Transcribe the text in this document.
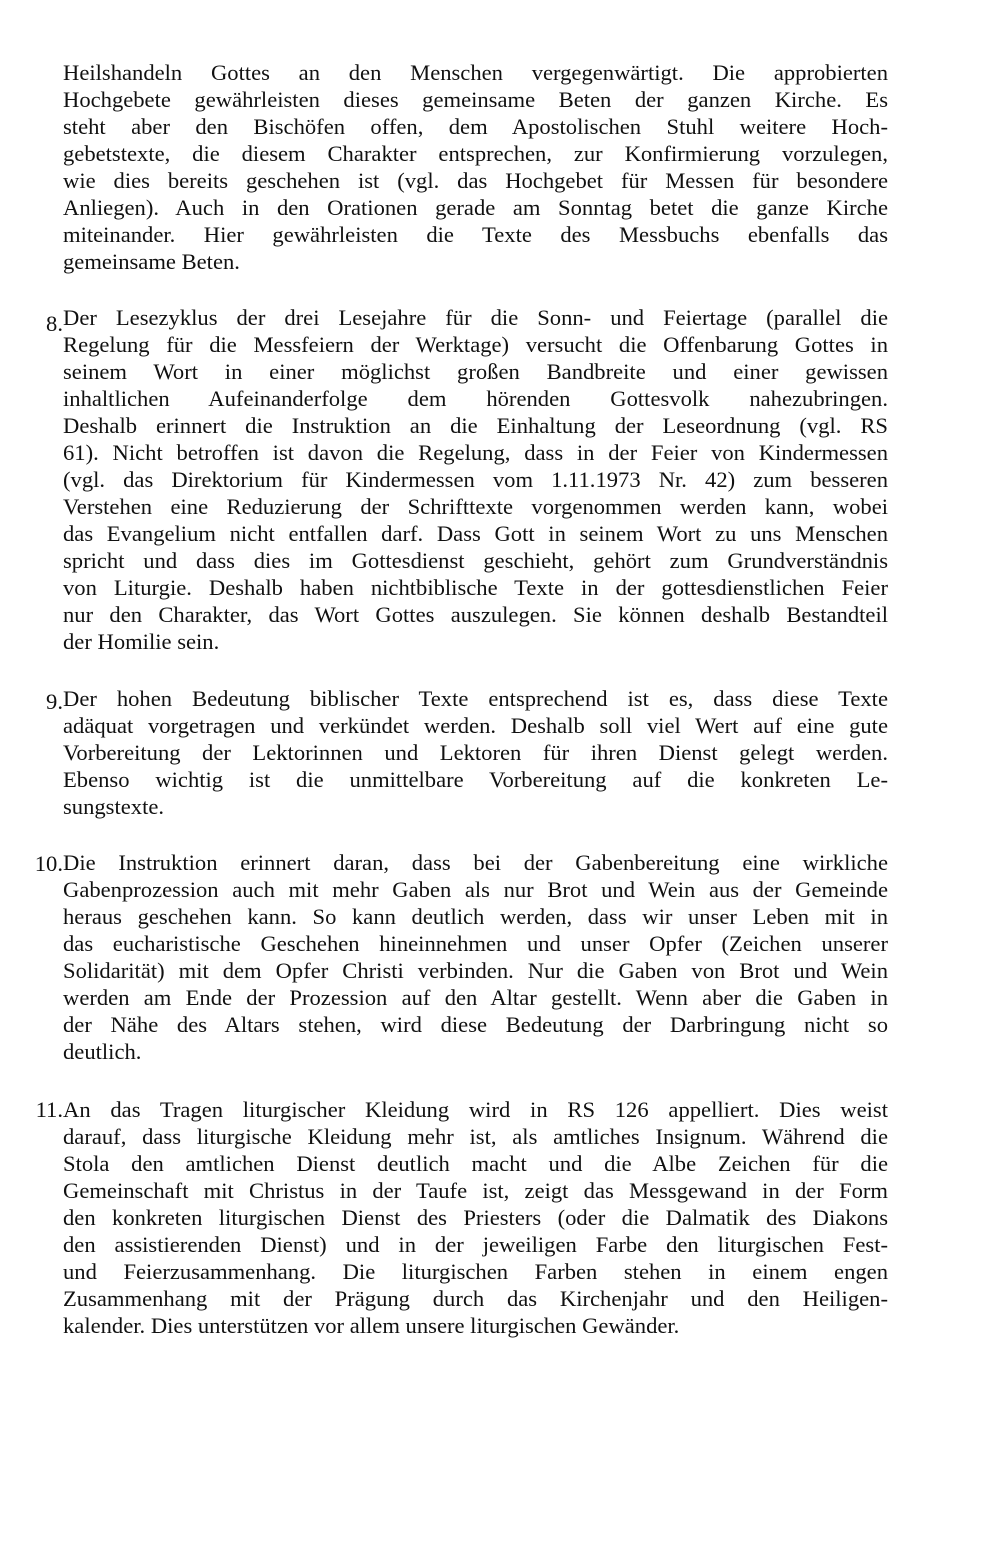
Heilshandeln Gottes an den Menschen vergegenwärtigt. Die approbierten
Hochgebete gewährleisten dieses gemeinsame Beten der ganzen Kirche. Es
steht aber den Bischöfen offen, dem Apostolischen Stuhl weitere Hoch-
gebetstexte, die diesem Charakter entsprechen, zur Konfirmierung vorzulegen,
wie dies bereits geschehen ist (vgl. das Hochgebet für Messen für besondere
Anliegen). Auch in den Orationen gerade am Sonntag betet die ganze Kirche
miteinander. Hier gewährleisten die Texte des Messbuchs ebenfalls das
gemeinsame Beten.
8. Der Lesezyklus der drei Lesejahre für die Sonn- und Feiertage (parallel die
Regelung für die Messfeiern der Werktage) versucht die Offenbarung Gottes in
seinem Wort in einer möglichst großen Bandbreite und einer gewissen
inhaltlichen Aufeinanderfolge dem hörenden Gottesvolk nahezubringen.
Deshalb erinnert die Instruktion an die Einhaltung der Leseordnung (vgl. RS
61). Nicht betroffen ist davon die Regelung, dass in der Feier von Kindermessen
(vgl. das Direktorium für Kindermessen vom 1.11.1973 Nr. 42) zum besseren
Verstehen eine Reduzierung der Schrifttexte vorgenommen werden kann, wobei
das Evangelium nicht entfallen darf. Dass Gott in seinem Wort zu uns Menschen
spricht und dass dies im Gottesdienst geschieht, gehört zum Grundverständnis
von Liturgie. Deshalb haben nichtbiblische Texte in der gottesdienstlichen Feier
nur den Charakter, das Wort Gottes auszulegen. Sie können deshalb Bestandteil
der Homilie sein.
9. Der hohen Bedeutung biblischer Texte entsprechend ist es, dass diese Texte
adäquat vorgetragen und verkündet werden. Deshalb soll viel Wert auf eine gute
Vorbereitung der Lektorinnen und Lektoren für ihren Dienst gelegt werden.
Ebenso wichtig ist die unmittelbare Vorbereitung auf die konkreten Le-
sungstexte.
10. Die Instruktion erinnert daran, dass bei der Gabenbereitung eine wirkliche
Gabenprozession auch mit mehr Gaben als nur Brot und Wein aus der Gemeinde
heraus geschehen kann. So kann deutlich werden, dass wir unser Leben mit in
das eucharistische Geschehen hineinnehmen und unser Opfer (Zeichen unserer
Solidarität) mit dem Opfer Christi verbinden. Nur die Gaben von Brot und Wein
werden am Ende der Prozession auf den Altar gestellt. Wenn aber die Gaben in
der Nähe des Altars stehen, wird diese Bedeutung der Darbringung nicht so
deutlich.
11. An das Tragen liturgischer Kleidung wird in RS 126 appelliert. Dies weist
darauf, dass liturgische Kleidung mehr ist, als amtliches Insignum. Während die
Stola den amtlichen Dienst deutlich macht und die Albe Zeichen für die
Gemeinschaft mit Christus in der Taufe ist, zeigt das Messgewand in der Form
den konkreten liturgischen Dienst des Priesters (oder die Dalmatik des Diakons
den assistierenden Dienst) und in der jeweiligen Farbe den liturgischen Fest-
und Feierzusammenhang. Die liturgischen Farben stehen in einem engen
Zusammenhang mit der Prägung durch das Kirchenjahr und den Heiligen-
kalender. Dies unterstützen vor allem unsere liturgischen Gewänder.
